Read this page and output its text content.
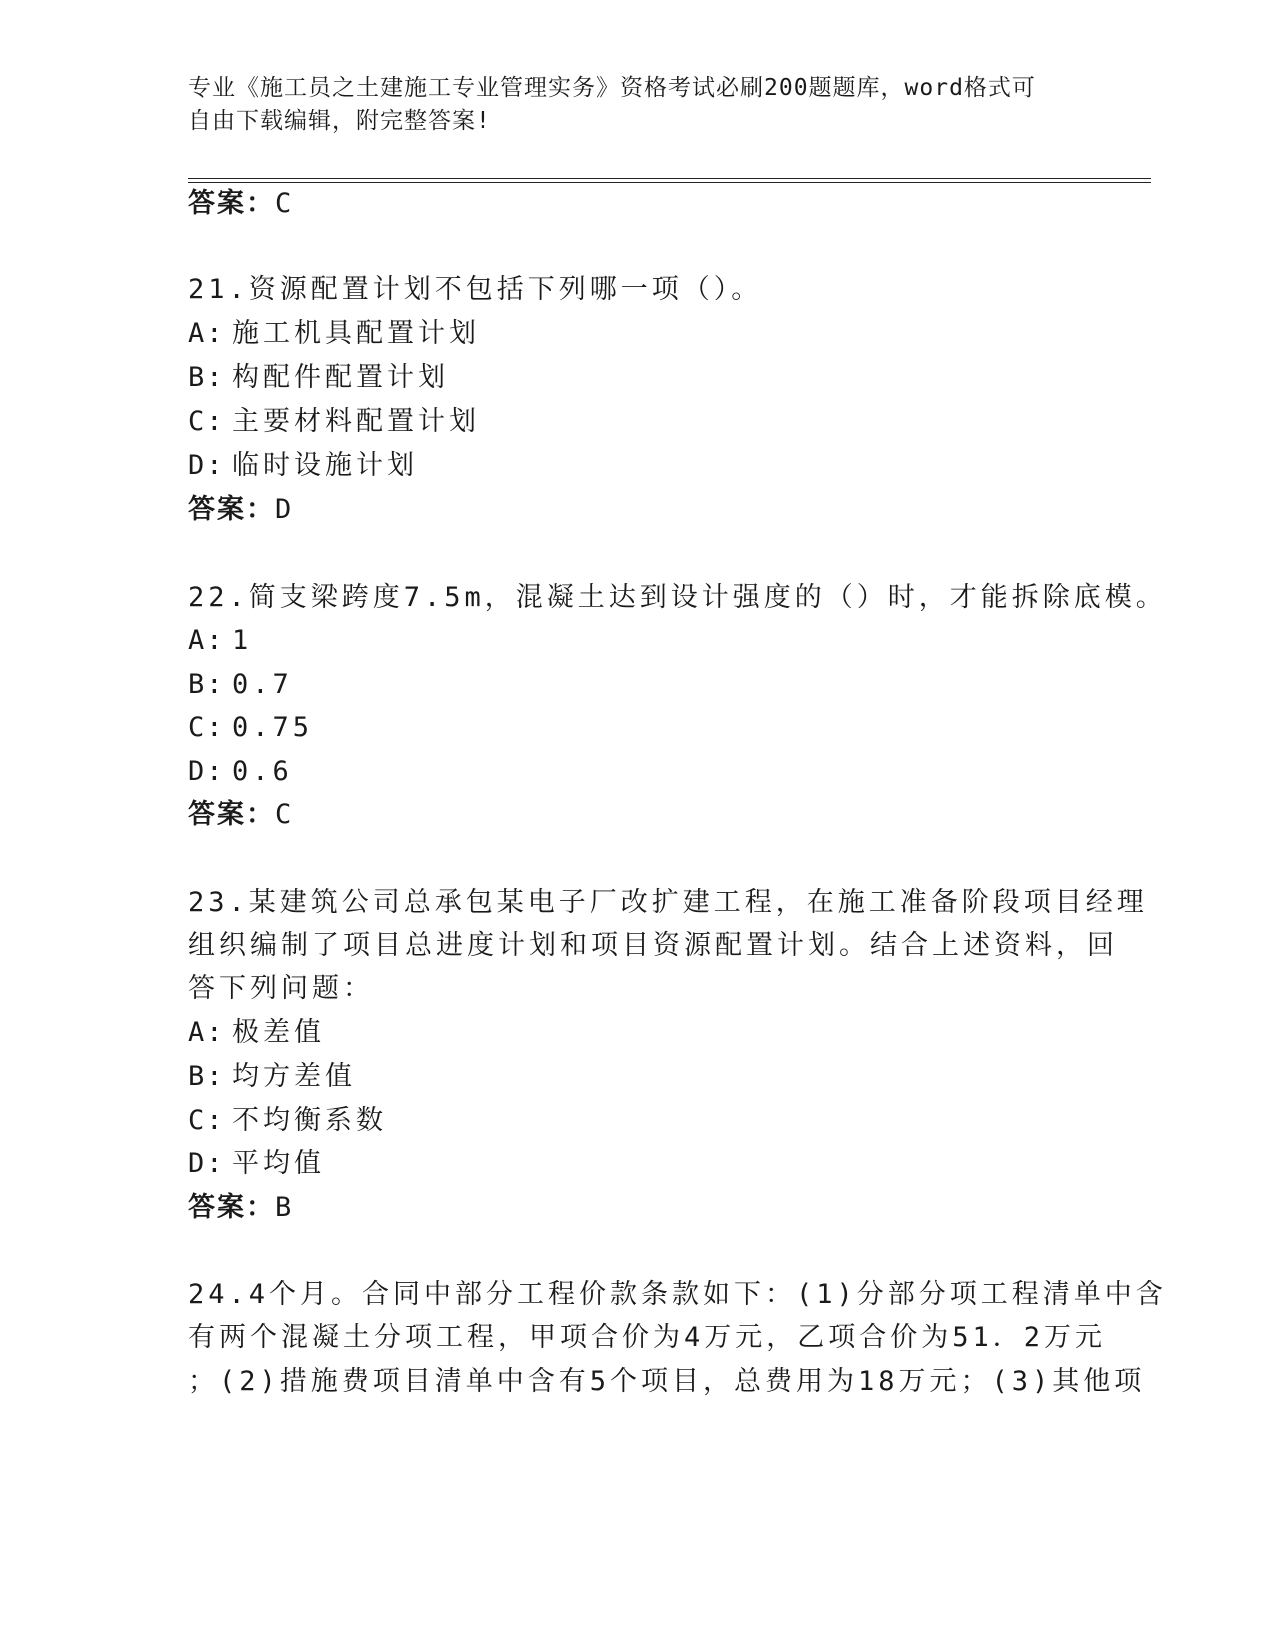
专业《施工员之土建施工专业管理实务》资格考试必刷200题题库，word格式可
自由下载编辑，附完整答案!
答案：C
21.资源配置计划不包括下列哪一项（）。
A: 施工机具配置计划
B: 构配件配置计划
C: 主要材料配置计划
D: 临时设施计划
答案：D
22.简支梁跨度7.5m，混凝土达到设计强度的（）时，才能拆除底模。
A: 1
B: 0.7
C: 0.75
D: 0.6
答案：C
23.某建筑公司总承包某电子厂改扩建工程，在施工准备阶段项目经理
组织编制了项目总进度计划和项目资源配置计划。结合上述资料，回
答下列问题：
A: 极差值
B: 均方差值
C: 不均衡系数
D: 平均值
答案：B
24.4个月。合同中部分工程价款条款如下：(1)分部分项工程清单中含
有两个混凝土分项工程，甲项合价为4万元，乙项合价为51．2万元
；(2)措施费项目清单中含有5个项目，总费用为18万元；(3)其他项
